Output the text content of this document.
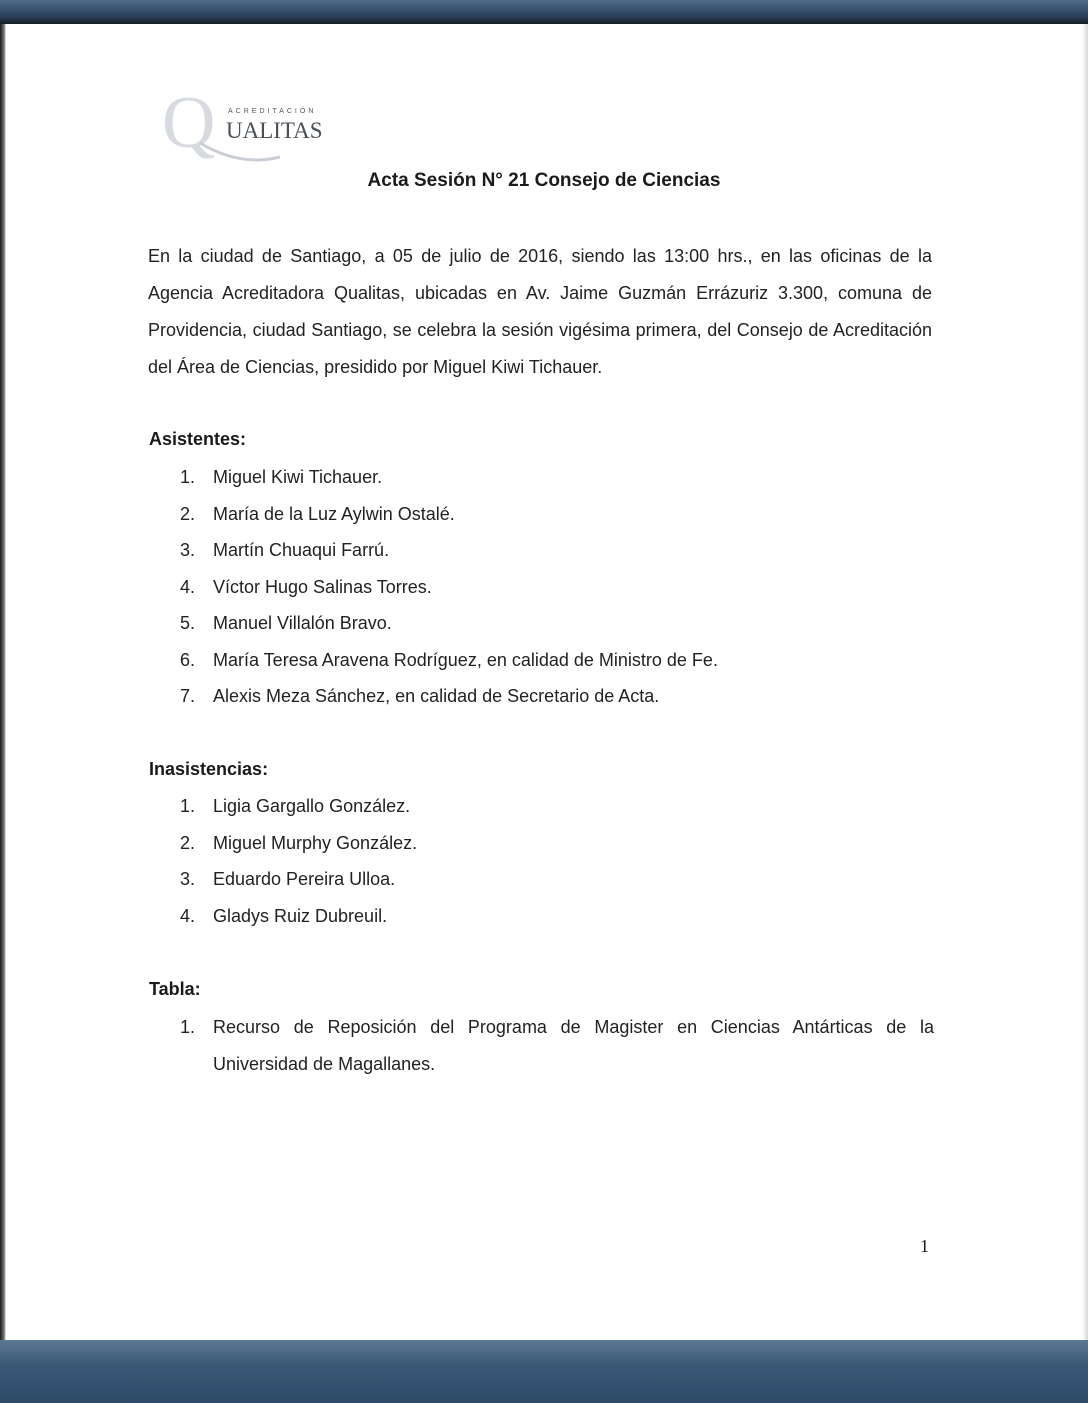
Q ACREDITACIÓN
UALITAS
Acta Sesión N° 21 Consejo de Ciencias

En la ciudad de Santiago, a 05 de julio de 2016, siendo las 13:00 hrs., en las oficinas de la Agencia Acreditadora Qualitas, ubicadas en Av. Jaime Guzmán Errázuriz 3.300, comuna de Providencia, ciudad Santiago, se celebra la sesión vigésima primera, del Consejo de Acreditación del Área de Ciencias, presidido por Miguel Kiwi Tichauer.

Asistentes:
1. Miguel Kiwi Tichauer.
2. María de la Luz Aylwin Ostalé.
3. Martín Chuaqui Farrú.
4. Víctor Hugo Salinas Torres.
5. Manuel Villalón Bravo.
6. María Teresa Aravena Rodríguez, en calidad de Ministro de Fe.
7. Alexis Meza Sánchez, en calidad de Secretario de Acta.
Inasistencias:
1. Ligia Gargallo González.
2. Miguel Murphy González.
3. Eduardo Pereira Ulloa.
4. Gladys Ruiz Dubreuil.
Tabla:
1. Recurso de Reposición del Programa de Magister en Ciencias Antárticas de la Universidad de Magallanes.

1
